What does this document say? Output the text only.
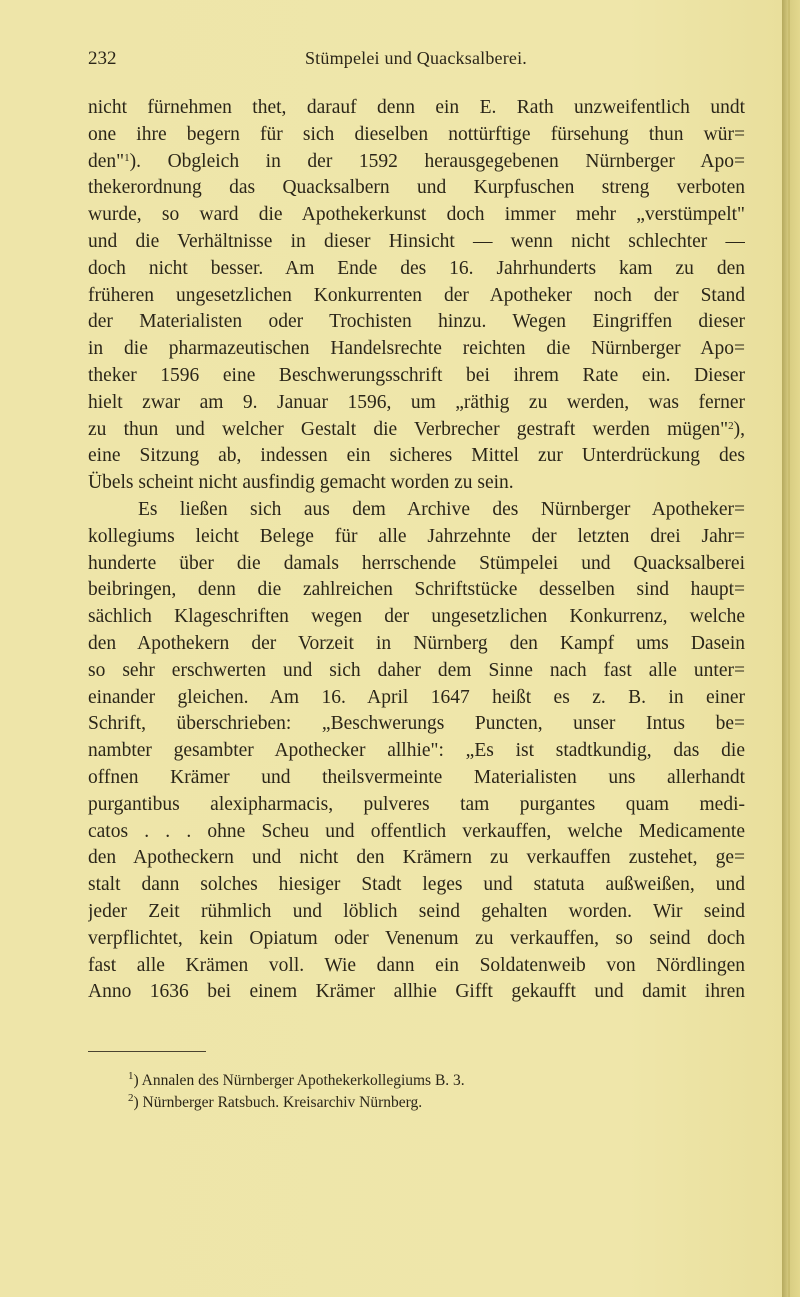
232	Stümpelei und Quacksalberei.
nicht fürnehmen thet, darauf denn ein E. Rath unzweifentlich undt
one ihre begern für sich dieselben nottürftige fürsehung thun wür=
den"$^1$). Obgleich in der 1592 herausgegebenen Nürnberger Apo=
thekerordnung das Quacksalbern und Kurpfuschen streng verboten
wurde, so ward die Apothekerkunst doch immer mehr „verstümpelt"
und die Verhältnisse in dieser Hinsicht — wenn nicht schlechter —
doch nicht besser. Am Ende des 16. Jahrhunderts kam zu den
früheren ungesetzlichen Konkurrenten der Apotheker noch der Stand
der Materialisten oder Trochisten hinzu. Wegen Eingriffen dieser
in die pharmazeutischen Handelsrechte reichten die Nürnberger Apo=
theker 1596 eine Beschwerungsschrift bei ihrem Rate ein. Dieser
hielt zwar am 9. Januar 1596, um „räthig zu werden, was ferner
zu thun und welcher Gestalt die Verbrecher gestraft werden mügen"$^2$),
eine Sitzung ab, indessen ein sicheres Mittel zur Unterdrückung des
Übels scheint nicht ausfindig gemacht worden zu sein.
Es ließen sich aus dem Archive des Nürnberger Apotheker=
kollegiums leicht Belege für alle Jahrzehnte der letzten drei Jahr=
hunderte über die damals herrschende Stümpelei und Quacksalberei
beibringen, denn die zahlreichen Schriftstücke desselben sind haupt=
sächlich Klageschriften wegen der ungesetzlichen Konkurrenz, welche
den Apothekern der Vorzeit in Nürnberg den Kampf ums Dasein
so sehr erschwerten und sich daher dem Sinne nach fast alle unter=
einander gleichen. Am 16. April 1647 heißt es z. B. in einer
Schrift, überschrieben: „Beschwerungs Puncten, unser Intus be=
nambter gesambter Apothecker allhie": „Es ist stadtkundig, das die
offnen Krämer und theilsvermeinte Materialisten uns allerhandt
purgantibus alexipharmacis, pulveres tam purgantes quam medi-
catos . . . ohne Scheu und offentlich verkauffen, welche Medicamente
den Apotheckern und nicht den Krämern zu verkauffen zustehet, ge=
stalt dann solches hiesiger Stadt leges und statuta außweißen, und
jeder Zeit rühmlich und löblich seind gehalten worden. Wir seind
verpflichtet, kein Opiatum oder Venenum zu verkauffen, so seind doch
fast alle Krämen voll. Wie dann ein Soldatenweib von Nördlingen
Anno 1636 bei einem Krämer allhie Gifft gekaufft und damit ihren
$^1$) Annalen des Nürnberger Apothekerkollegiums B. 3.
$^2$) Nürnberger Ratsbuch. Kreisarchiv Nürnberg.
